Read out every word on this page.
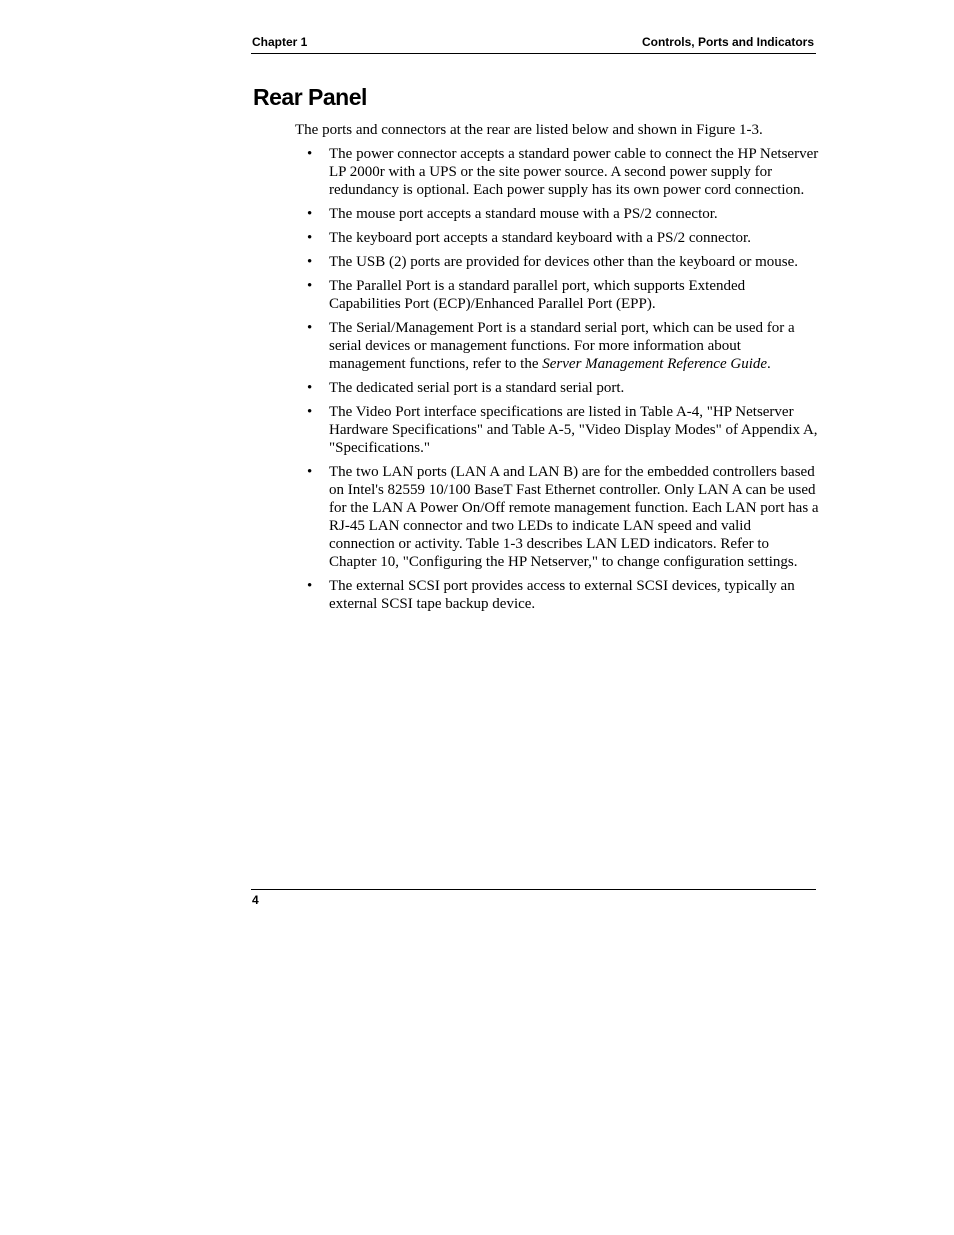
Chapter 1	Controls, Ports and Indicators
Rear Panel

The ports and connectors at the rear are listed below and shown in Figure 1-3.

• The power connector accepts a standard power cable to connect the HP Netserver LP 2000r with a UPS or the site power source. A second power supply for redundancy is optional. Each power supply has its own power cord connection.
• The mouse port accepts a standard mouse with a PS/2 connector.
• The keyboard port accepts a standard keyboard with a PS/2 connector.
• The USB (2) ports are provided for devices other than the keyboard or mouse.
• The Parallel Port is a standard parallel port, which supports Extended Capabilities Port (ECP)/Enhanced Parallel Port (EPP).
• The Serial/Management Port is a standard serial port, which can be used for a serial devices or management functions. For more information about management functions, refer to the Server Management Reference Guide.
• The dedicated serial port is a standard serial port.
• The Video Port interface specifications are listed in Table A-4, "HP Netserver Hardware Specifications" and Table A-5, "Video Display Modes" of Appendix A, "Specifications."
• The two LAN ports (LAN A and LAN B) are for the embedded controllers based on Intel's 82559 10/100 BaseT Fast Ethernet controller. Only LAN A can be used for the LAN A Power On/Off remote management function. Each LAN port has a RJ-45 LAN connector and two LEDs to indicate LAN speed and valid connection or activity. Table 1-3 describes LAN LED indicators. Refer to Chapter 10, "Configuring the HP Netserver," to change configuration settings.
• The external SCSI port provides access to external SCSI devices, typically an external SCSI tape backup device.
4
